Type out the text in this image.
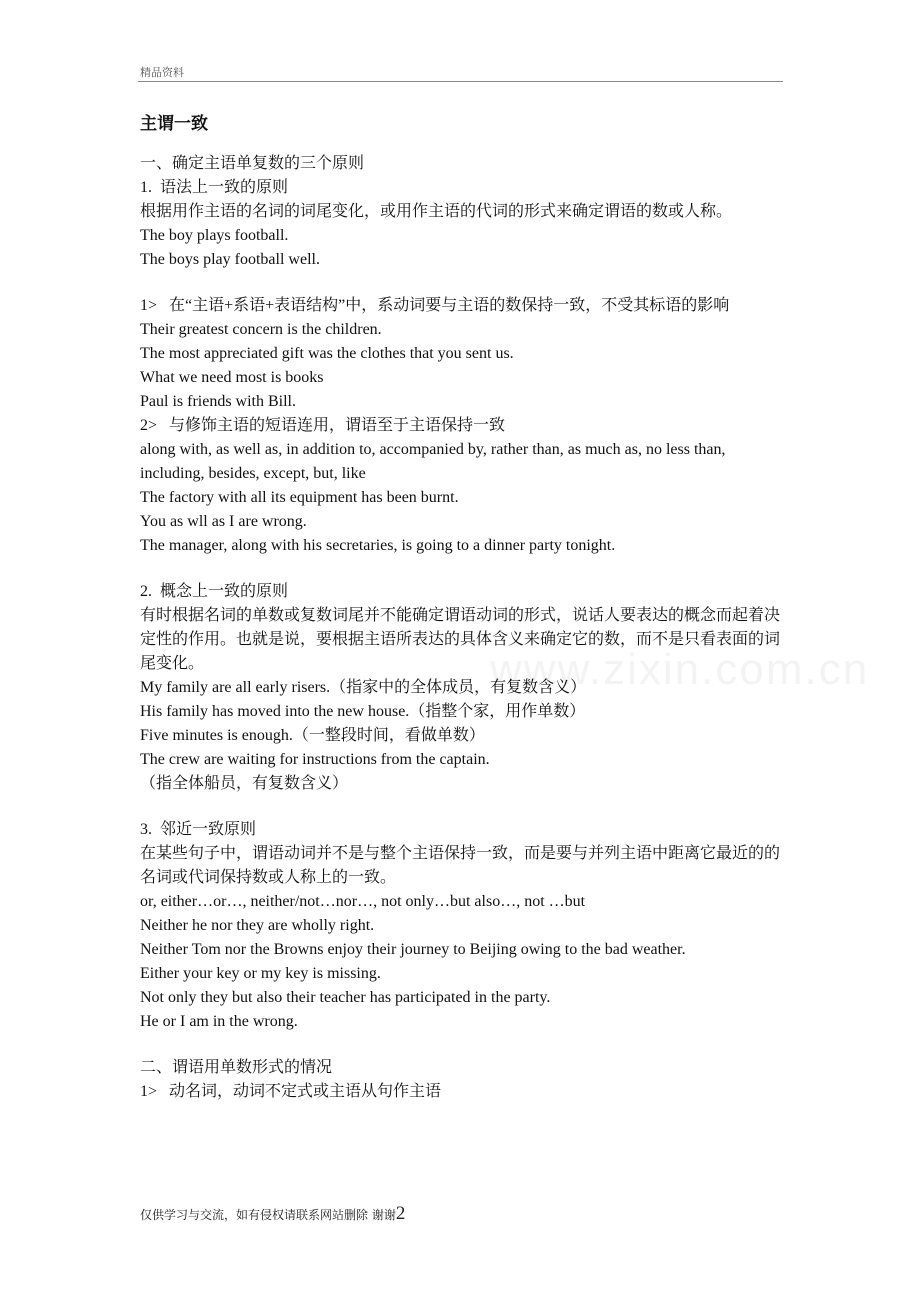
精品资料
www.zixin.com.cn
主谓一致
一、确定主语单复数的三个原则
1.  语法上一致的原则
根据用作主语的名词的词尾变化，或用作主语的代词的形式来确定谓语的数或人称。
The boy plays football.
The boys play football well.
1>   在“主语+系语+表语结构”中，系动词要与主语的数保持一致，不受其标语的影响
Their greatest concern is the children.
The most appreciated gift was the clothes that you sent us.
What we need most is books
Paul is friends with Bill.
2>   与修饰主语的短语连用，谓语至于主语保持一致
along with, as well as, in addition to, accompanied by, rather than, as much as, no less than, including, besides, except, but, like
The factory with all its equipment has been burnt.
You as wll as I are wrong.
The manager, along with his secretaries, is going to a dinner party tonight.
2.  概念上一致的原则
有时根据名词的单数或复数词尾并不能确定谓语动词的形式，说话人要表达的概念而起着决定性的作用。也就是说，要根据主语所表达的具体含义来确定它的数，而不是只看表面的词尾变化。
My family are all early risers.（指家中的全体成员，有复数含义）
His family has moved into the new house.（指整个家，用作单数）
Five minutes is enough.（一整段时间，看做单数）
The crew are waiting for instructions from the captain.
（指全体船员，有复数含义）
3.  邻近一致原则
在某些句子中，谓语动词并不是与整个主语保持一致，而是要与并列主语中距离它最近的的名词或代词保持数或人称上的一致。
or, either…or…, neither/not…nor…, not only…but also…, not …but
Neither he nor they are wholly right.
Neither Tom nor the Browns enjoy their journey to Beijing owing to the bad weather.
Either your key or my key is missing.
Not only they but also their teacher has participated in the party.
He or I am in the wrong.
二、谓语用单数形式的情况
1>   动名词，动词不定式或主语从句作主语
仅供学习与交流，如有侵权请联系网站删除 谢谢2
